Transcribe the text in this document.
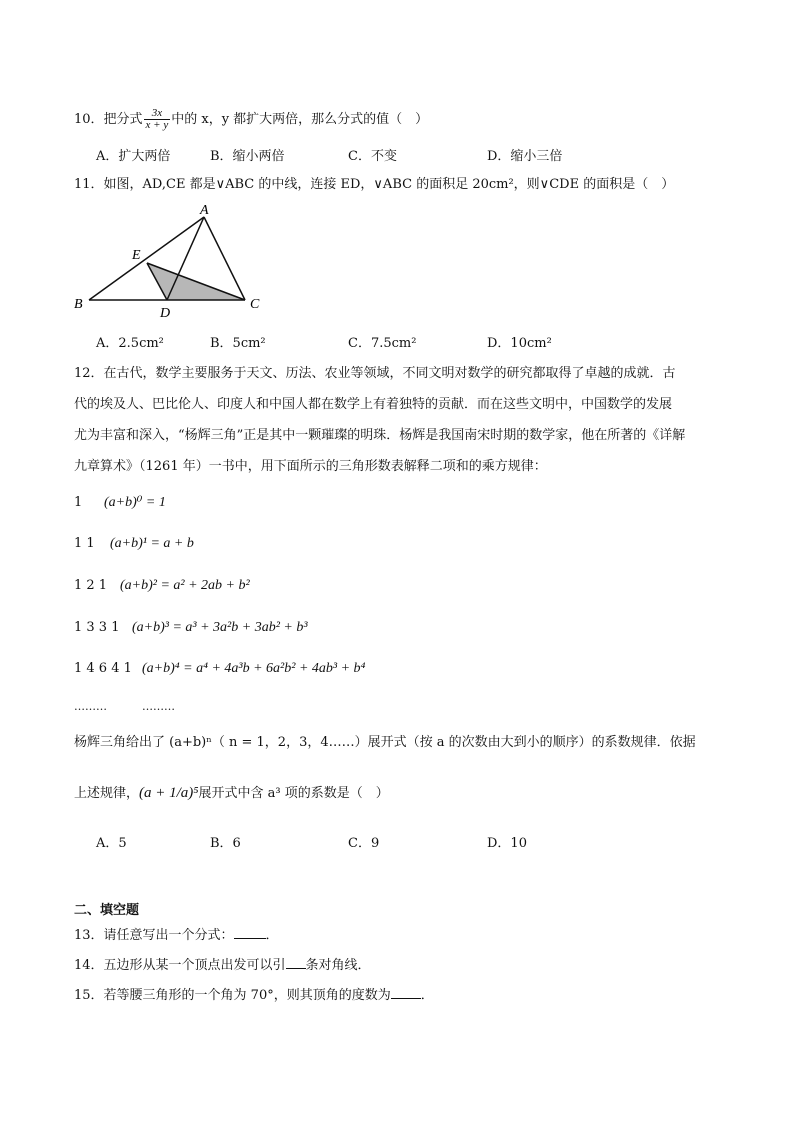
10．把分式 $\frac{3x}{x + y}$ 中的 x，y 都扩大两倍，那么分式的值（　）
A．扩大两倍	B．缩小两倍	C．不变	D．缩小三倍
11．如图，AD,CE 都是∨ABC 的中线，连接 ED，∨ABC 的面积足 20cm²，则∨CDE 的面积是（　）
A
B	C
D
E
A．2.5cm²	B．5cm²	C．7.5cm²	D．10cm²
12．在古代，数学主要服务于天文、历法、农业等领域，不同文明对数学的研究都取得了卓越的成就．古
代的埃及人、巴比伦人、印度人和中国人都在数学上有着独特的贡献．而在这些文明中，中国数学的发展
尤为丰富和深入，“杨辉三角”正是其中一颗璀璨的明珠．杨辉是我国南宋时期的数学家，他在所著的《详解
九章算术》（1261 年）一书中，用下面所示的三角形数表解释二项和的乘方规律：
1 (a+b)⁰ = 1
1 1 (a+b)¹ = a + b
1 2 1 (a+b)² = a² + 2ab + b²
1 3 3 1 (a+b)³ = a³ + 3a²b + 3ab² + b³
1 4 6 4 1 (a+b)⁴ = a⁴ + 4a³b + 6a²b² + 4ab³ + b⁴
………	………
杨辉三角给出了 (a+b)ⁿ（ n = 1，2，3，4……）展开式（按 a 的次数由大到小的顺序）的系数规律．依据
上述规律，(a + 1/a)⁵展开式中含 a³ 项的系数是（　）
A．5	B．6	C．9	D．10
二、填空题
13．请任意写出一个分式： ．
14．五边形从某一个顶点出发可以引 条对角线．
15．若等腰三角形的一个角为 70°，则其顶角的度数为 ．
